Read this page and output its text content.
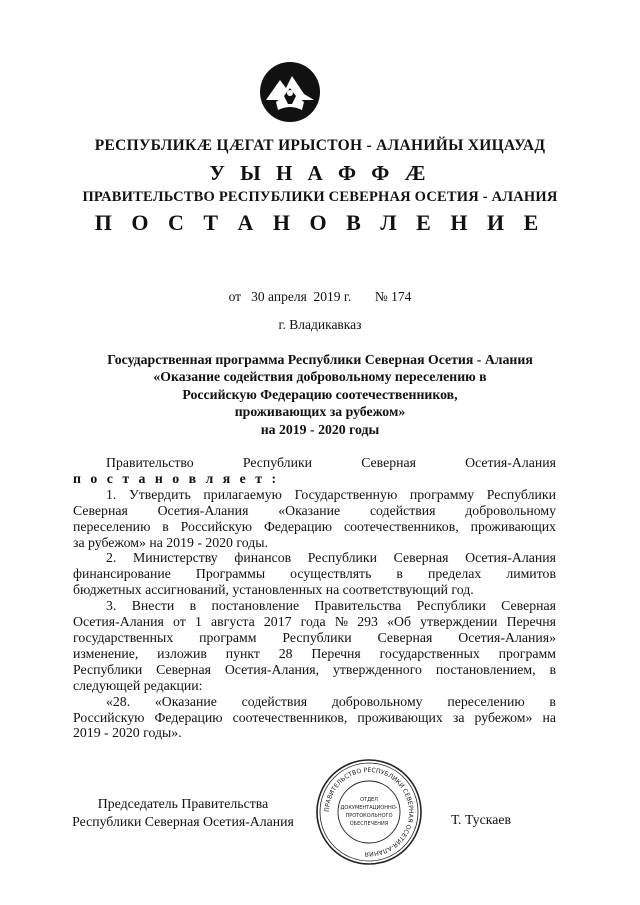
РЕСПУБЛИКӔ ЦӔГАТ ИРЫСТОН - АЛАНИЙЫ ХИЦАУАД
У Ы Н А Ф Ф Ӕ
ПРАВИТЕЛЬСТВО РЕСПУБЛИКИ СЕВЕРНАЯ ОСЕТИЯ - АЛАНИЯ
П О С Т А Н О В Л Е Н И Е
от   30 апреля  2019 г.       № 174
г. Владикавказ
Государственная программа Республики Северная Осетия - Алания
«Оказание содействия добровольному переселению в
Российскую Федерацию соотечественников,
проживающих за рубежом»
на 2019 - 2020 годы
Правительство	Республики	Северная	Осетия-Алания
п о с т а н о в л я е т :
1. Утвердить прилагаемую Государственную программу Республики
Северная Осетия-Алания «Оказание содействия добровольному
переселению в Российскую Федерацию соотечественников, проживающих
за рубежом» на 2019 - 2020 годы.
2. Министерству финансов Республики Северная Осетия-Алания
финансирование Программы осуществлять в пределах лимитов
бюджетных ассигнований, установленных на соответствующий год.
3. Внести в постановление Правительства Республики Северная
Осетия-Алания от 1 августа 2017 года № 293 «Об утверждении Перечня
государственных программ Республики Северная Осетия-Алания»
изменение, изложив пункт 28 Перечня государственных программ
Республики Северная Осетия-Алания, утвержденного постановлением, в
следующей редакции:
«28. «Оказание содействия добровольному переселению в
Российскую Федерацию соотечественников, проживающих за рубежом» на
2019 - 2020 годы».
Председатель Правительства
Республики Северная Осетия-Алания
ПРАВИТЕЛЬСТВО РЕСПУБЛИКИ СЕВЕРНАЯ ОСЕТИЯ-АЛАНИЯ
ОТДЕЛ
ДОКУМЕНТАЦИОННО-
ПРОТОКОЛЬНОГО
ОБЕСПЕЧЕНИЯ	Т. Тускаев
